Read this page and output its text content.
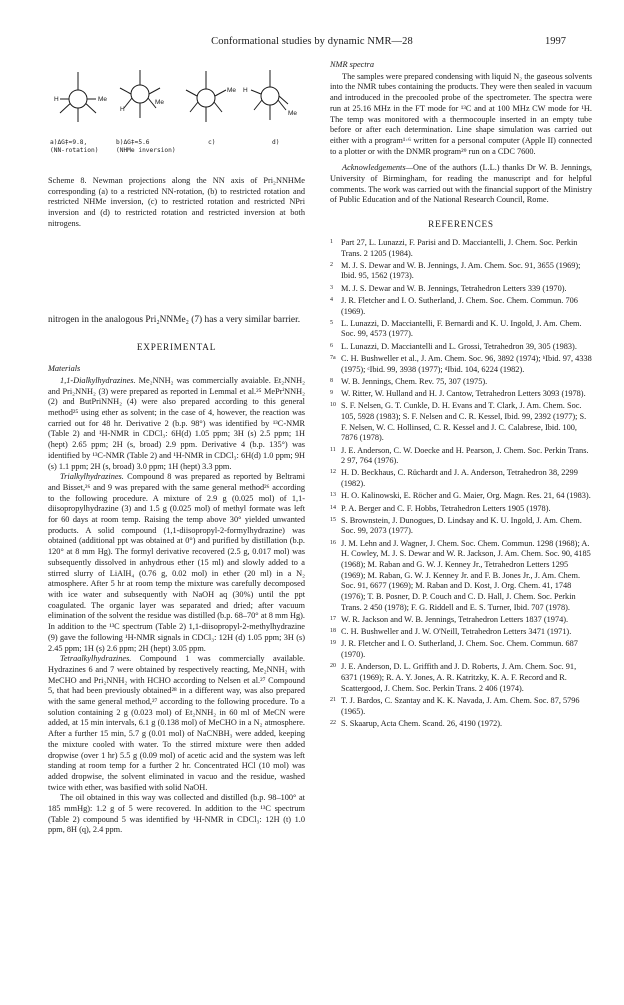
Conformational studies by dynamic NMR—28	1997
H	Me
H
Me
Me H
Me
a)ΔG‡≈9.8,
(NN-rotation)
b)ΔG‡≈5.6
(NHMe inversion)
c)	d)

Scheme 8. Newman projections along the NN axis of Pri₂NNHMe corresponding (a) to a restricted NN-rotation, (b) to restricted rotation and restricted NHMe inversion, (c) to restricted rotation and restricted NPri inversion and (d) to restricted rotation and restricted inversion at both nitrogens.

nitrogen in the analogous Pri₂NNMe₂ (7) has a very similar barrier.

EXPERIMENTAL
Materials

1,1-Dialkylhydrazines. Me₂NNH₂ was commercially avaiable. Et₂NNH₂ and Pri₂NNH₂ (3) were prepared as reported in Lemmal et al.²⁵ MePrⁱNNH₂ (2) and ButPriNNH₂ (4) were also prepared according to this general method²⁵ using ether as solvent; in the case of 4, however, the reaction was carried out for 48 hr. Derivative 2 (b.p. 98°) was identified by ¹³C-NMR (Table 2) and ¹H-NMR in CDCl₃: 6H(d) 1.05 ppm; 3H (s) 2.5 ppm; 1H (hept) 2.65 ppm; 2H (s, broad) 2.9 ppm. Derivative 4 (b.p. 135°) was identified by ¹³C-NMR (Table 2) and ¹H-NMR in CDCl₃: 6H(d) 1.0 ppm; 9H (s) 1.1 ppm; 2H (s, broad) 3.0 ppm; 1H (hept) 3.3 ppm.

Trialkylhydrazines. Compound 8 was prepared as reported by Beltrami and Bisset,²⁶ and 9 was prepared with the same general method²⁶ according to the following procedure. A mixture of 2.9 g (0.025 mol) of 1,1-diisopropylhydrazine (3) and 1.5 g (0.025 mol) of methyl formate was left for 60 days at room temp. Raising the temp above 30° yielded unwanted products. A solid compound (1,1-diisopropyl-2-formylhydrazine) was obtained (additional ppt was obtained at 0°) and purified by distillation (b.p. 120° at 8 mm Hg). The formyl derivative recovered (2.5 g, 0.017 mol) was subsequently dissolved in anhydrous ether (15 ml) and slowly added to a stirred slurry of LiAlH₄ (0.76 g, 0.02 mol) in ether (20 ml) in a N₂ atmosphere. After 5 hr at room temp the mixture was carefully decomposed with ice water and subsequently with NaOH aq (30%) until the ppt coagulated. The organic layer was separated and dried; after vacuum elimination of the solvent the residue was distilled (b.p. 68–70° at 8 mm Hg). In addition to the ¹³C spectrum (Table 2) 1,1-diisopropyl-2-methylhydrazine (9) gave the following ¹H-NMR signals in CDCl₃: 12H (d) 1.05 ppm; 3H (s) 2.45 ppm; 1H (s) 2.6 ppm; 2H (hept) 3.05 ppm.

Tetraalkylhydrazines. Compound 1 was commercially available. Hydrazines 6 and 7 were obtained by respectively reacting, Me₂NNH₂ with MeCHO and Pri₂NNH₂ with HCHO according to Nelsen et al.²⁷ Compound 5, that had been previously obtained²⁸ in a different way, was also prepared with the same general method,²⁷ according to the following procedure. To a solution containing 2 g (0.023 mol) of Et₂NNH₂ in 60 ml of MeCN were added, at 15 min intervals, 6.1 g (0.138 mol) of MeCHO in a N₂ atmosphere. After a further 15 min, 5.7 g (0.01 mol) of NaCNBH₃ were added, keeping the mixture cooled with water. To the stirred mixture were then added dropwise (over 1 hr) 5.5 g (0.09 mol) of acetic acid and the system was left standing at room temp for a further 2 hr. Concentrated HCl (10 mol) was added dropwise, the solvent eliminated in vacuo and the residue, washed twice with ether, was basified with solid NaOH.

The oil obtained in this way was collected and distilled (b.p. 98–100° at 185 mmHg): 1.2 g of 5 were recovered. In addition to the ¹³C spectrum (Table 2) compound 5 was identified by ¹H-NMR in CDCl₃: 12H (t) 1.0 ppm, 8H (q), 2.4 ppm.

NMR spectra

The samples were prepared condensing with liquid N₂ the gaseous solvents into the NMR tubes containing the products. They were then sealed in vacuum and introduced in the precooled probe of the spectrometer. The spectra were run at 25.16 MHz in the FT mode for ¹³C and at 100 MHz CW mode for ¹H. The temp was monitored with a thermocouple inserted in an empty tube before or after each determination. Line shape simulation was carried out either with a program¹·⁶ written for a personal computer (Apple II) connected to a plotter or with the DNMR program²⁹ run on a CDC 7600.

Acknowledgements—One of the authors (L.L.) thanks Dr W. B. Jennings, University of Birmingham, for reading the manuscript and for helpful comments. The work was carried out with the financial support of the Ministry of Public Education and of the National Research Council, Rome.

REFERENCES
1 Part 27, L. Lunazzi, F. Parisi and D. Macciantelli, J. Chem. Soc. Perkin Trans. 2 1205 (1984).
2 M. J. S. Dewar and W. B. Jennings, J. Am. Chem. Soc. 91, 3655 (1969); Ibid. 95, 1562 (1973).
3 M. J. S. Dewar and W. B. Jennings, Tetrahedron Letters 339 (1970).
4 J. R. Fletcher and I. O. Sutherland, J. Chem. Soc. Chem. Commun. 706 (1969).
5 L. Lunazzi, D. Macciantelli, F. Bernardi and K. U. Ingold, J. Am. Chem. Soc. 99, 4573 (1977).
6 L. Lunazzi, D. Macciantelli and L. Grossi, Tetrahedron 39, 305 (1983).
7a C. H. Bushweller et al., J. Am. Chem. Soc. 96, 3892 (1974); ᵇIbid. 97, 4338 (1975); ᶜIbid. 99, 3938 (1977); ᵈIbid. 104, 6224 (1982).
8 W. B. Jennings, Chem. Rev. 75, 307 (1975).
9 W. Ritter, W. Hulland and H. J. Cantow, Tetrahedron Letters 3093 (1978).
10 S. F. Nelsen, G. T. Cunkle, D. H. Evans and T. Clark, J. Am. Chem. Soc. 105, 5928 (1983); S. F. Nelsen and C. R. Kessel, Ibid. 99, 2392 (1977); S. F. Nelsen, W. C. Hollinsed, C. R. Kessel and J. C. Calabrese, Ibid. 100, 7876 (1978).
11 J. E. Anderson, C. W. Doecke and H. Pearson, J. Chem. Soc. Perkin Trans. 2 97, 764 (1976).
12 H. D. Beckhaus, C. Rüchardt and J. A. Anderson, Tetrahedron 38, 2299 (1982).
13 H. O. Kalinowski, E. Röcher and G. Maier, Org. Magn. Res. 21, 64 (1983).
14 P. A. Berger and C. F. Hobbs, Tetrahedron Letters 1905 (1978).
15 S. Brownstein, J. Dunogues, D. Lindsay and K. U. Ingold, J. Am. Chem. Soc. 99, 2073 (1977).
16 J. M. Lehn and J. Wagner, J. Chem. Soc. Chem. Commun. 1298 (1968); A. H. Cowley, M. J. S. Dewar and W. R. Jackson, J. Am. Chem. Soc. 90, 4185 (1968); M. Raban and G. W. J. Kenney Jr., Tetrahedron Letters 1295 (1969); M. Raban, G. W. J. Kenney Jr. and F. B. Jones Jr., J. Am. Chem. Soc. 91, 6677 (1969); M. Raban and D. Kost, J. Org. Chem. 41, 1748 (1976); T. B. Posner, D. P. Couch and C. D. Hall, J. Chem. Soc. Perkin Trans. 2 450 (1978); F. G. Riddell and E. S. Turner, Ibid. 707 (1978).
17 W. R. Jackson and W. B. Jennings, Tetrahedron Letters 1837 (1974).
18 C. H. Bushweller and J. W. O'Neill, Tetrahedron Letters 3471 (1971).
19 J. R. Fletcher and I. O. Sutherland, J. Chem. Soc. Chem. Commun. 687 (1970).
20 J. E. Anderson, D. L. Griffith and J. D. Roberts, J. Am. Chem. Soc. 91, 6371 (1969); R. A. Y. Jones, A. R. Katritzky, K. A. F. Record and R. Scattergood, J. Chem. Soc. Perkin Trans. 2 406 (1974).
21 T. J. Bardos, C. Szantay and K. K. Navada, J. Am. Chem. Soc. 87, 5796 (1965).
22 S. Skaarup, Acta Chem. Scand. 26, 4190 (1972).
